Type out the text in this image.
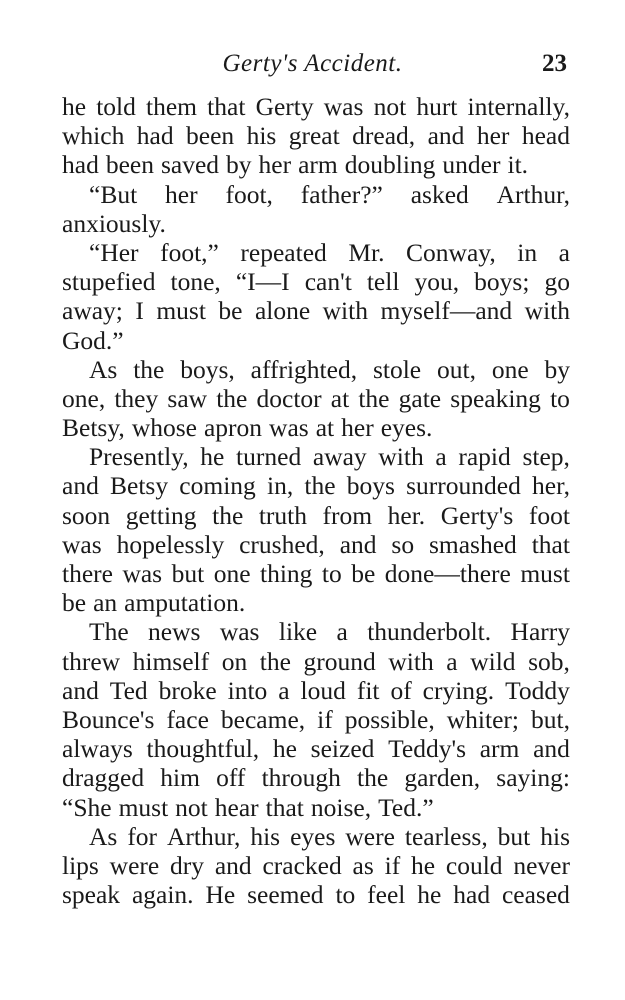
Gerty's Accident.	23
he told them that Gerty was not hurt internally,
which had been his great dread, and her head
had been saved by her arm doubling under it.
“But her foot, father?” asked Arthur,
anxiously.
“Her foot,” repeated Mr. Conway, in a
stupefied tone, “I—I can't tell you, boys; go
away; I must be alone with myself—and with
God.”
As the boys, affrighted, stole out, one by
one, they saw the doctor at the gate speaking to
Betsy, whose apron was at her eyes.
Presently, he turned away with a rapid step,
and Betsy coming in, the boys surrounded her,
soon getting the truth from her. Gerty's foot
was hopelessly crushed, and so smashed that
there was but one thing to be done—there must
be an amputation.
The news was like a thunderbolt. Harry
threw himself on the ground with a wild sob,
and Ted broke into a loud fit of crying. Toddy
Bounce's face became, if possible, whiter; but,
always thoughtful, he seized Teddy's arm and
dragged him off through the garden, saying:
“She must not hear that noise, Ted.”
As for Arthur, his eyes were tearless, but his
lips were dry and cracked as if he could never
speak again. He seemed to feel he had ceased
